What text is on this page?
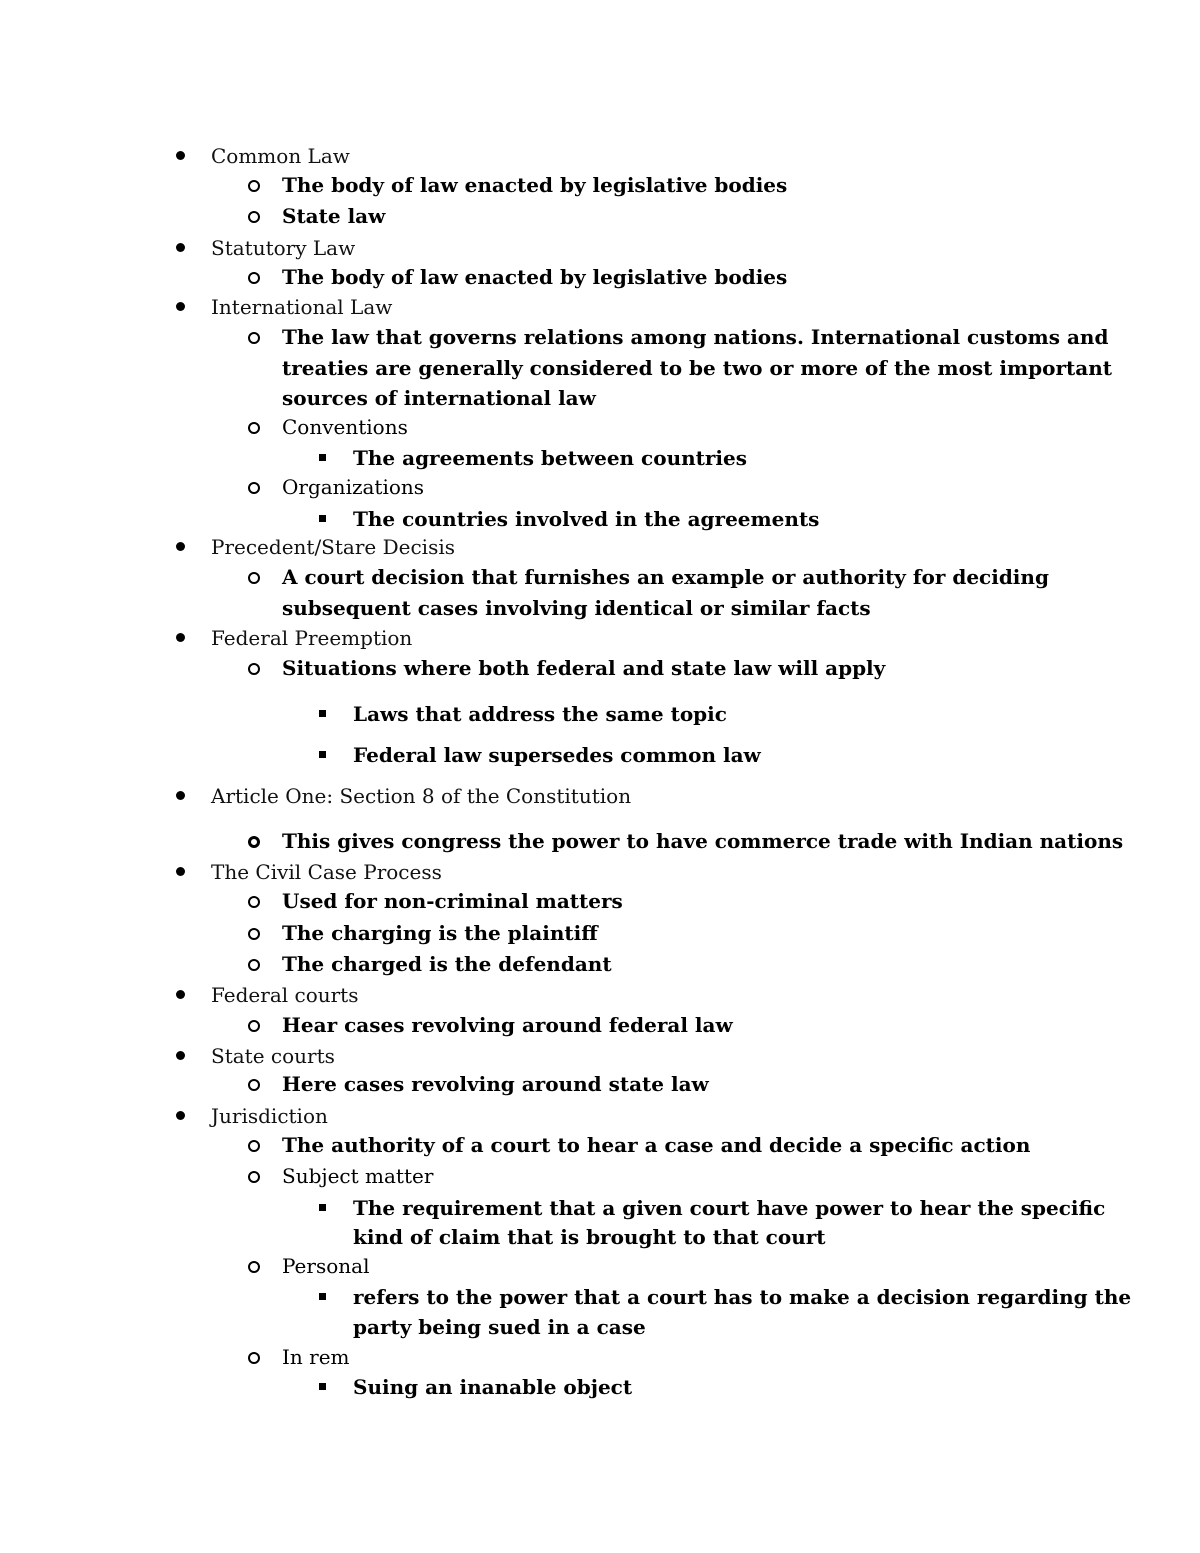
Common Law
The body of law enacted by legislative bodies
State law
Statutory Law
The body of law enacted by legislative bodies
International Law
The law that governs relations among nations. International customs and
treaties are generally considered to be two or more of the most important
sources of international law
Conventions
The agreements between countries
Organizations
The countries involved in the agreements
Precedent/Stare Decisis
A court decision that furnishes an example or authority for deciding
subsequent cases involving identical or similar facts
Federal Preemption
Situations where both federal and state law will apply
Laws that address the same topic
Federal law supersedes common law
Article One: Section 8 of the Constitution
This gives congress the power to have commerce trade with Indian nations
The Civil Case Process
Used for non-criminal matters
The charging is the plaintiff
The charged is the defendant
Federal courts
Hear cases revolving around federal law
State courts
Here cases revolving around state law
Jurisdiction
The authority of a court to hear a case and decide a specific action
Subject matter
The requirement that a given court have power to hear the specific
kind of claim that is brought to that court
Personal
refers to the power that a court has to make a decision regarding the
party being sued in a case
In rem
Suing an inanable object
